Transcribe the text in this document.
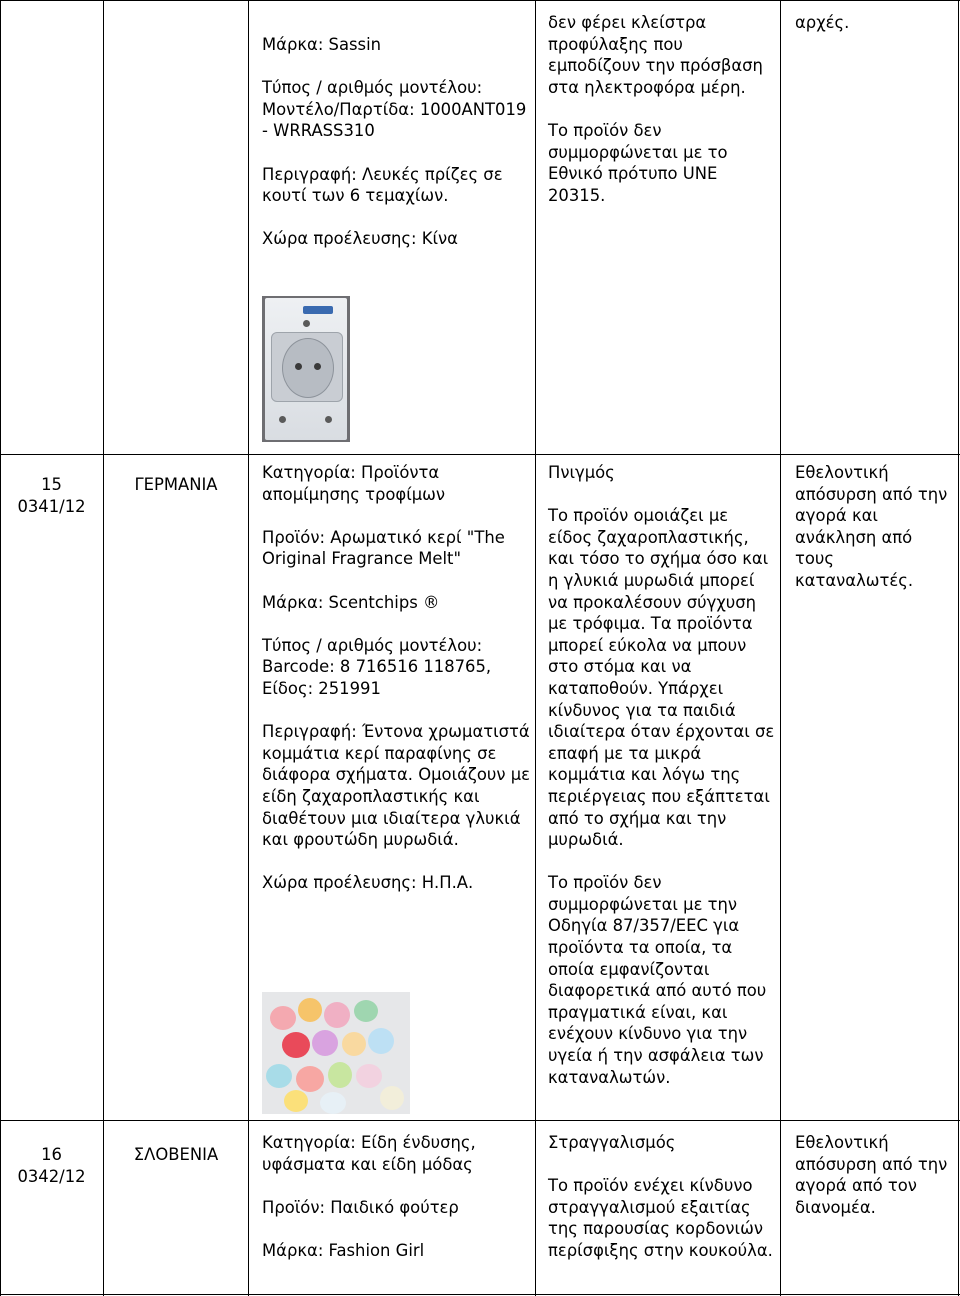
Μάρκα: Sassin

Τύπος / αριθμός μοντέλου: Μοντέλο/Παρτίδα: 1000ANT019 - WRRASS310

Περιγραφή: Λευκές πρίζες σε κουτί των 6 τεμαχίων.

Χώρα προέλευσης: Κίνα

δεν φέρει κλείστρα προφύλαξης που εμποδίζουν την πρόσβαση στα ηλεκτροφόρα μέρη.

Το προϊόν δεν συμμορφώνεται με το Εθνικό πρότυπο UNE 20315.

αρχές.

15
0341/12
ΓΕΡΜΑΝΙΑ

Κατηγορία: Προϊόντα απομίμησης τροφίμων

Προϊόν: Αρωματικό κερί "The Original Fragrance Melt"

Μάρκα: Scentchips ®

Τύπος / αριθμός μοντέλου: Barcode: 8 716516 118765, Είδος: 251991

Περιγραφή: Έντονα χρωματιστά κομμάτια κερί παραφίνης σε διάφορα σχήματα. Ομοιάζουν με είδη ζαχαροπλαστικής και διαθέτουν μια ιδιαίτερα γλυκιά και φρουτώδη μυρωδιά.

Χώρα προέλευσης: Η.Π.Α.

Πνιγμός

Το προϊόν ομοιάζει με είδος ζαχαροπλαστικής, και τόσο το σχήμα όσο και η γλυκιά μυρωδιά μπορεί να προκαλέσουν σύγχυση με τρόφιμα. Τα προϊόντα μπορεί εύκολα να μπουν στο στόμα και να καταποθούν. Υπάρχει κίνδυνος για τα παιδιά ιδιαίτερα όταν έρχονται σε επαφή με τα μικρά κομμάτια και λόγω της περιέργειας που εξάπτεται από το σχήμα και την μυρωδιά.

Το προϊόν δεν συμμορφώνεται με την Οδηγία 87/357/ΕΕC για προϊόντα τα οποία, τα οποία εμφανίζονται διαφορετικά από αυτό που πραγματικά είναι, και ενέχουν κίνδυνο για την υγεία ή την ασφάλεια των καταναλωτών.

Εθελοντική απόσυρση από την αγορά και ανάκληση από τους καταναλωτές.

16
0342/12
ΣΛΟΒΕΝΙΑ

Κατηγορία: Είδη ένδυσης, υφάσματα και είδη μόδας

Προϊόν: Παιδικό φούτερ

Μάρκα: Fashion Girl

Στραγγαλισμός

Το προϊόν ενέχει κίνδυνο στραγγαλισμού εξαιτίας της παρουσίας κορδονιών περίσφιξης στην κουκούλα.

Εθελοντική απόσυρση από την αγορά από τον διανομέα.
